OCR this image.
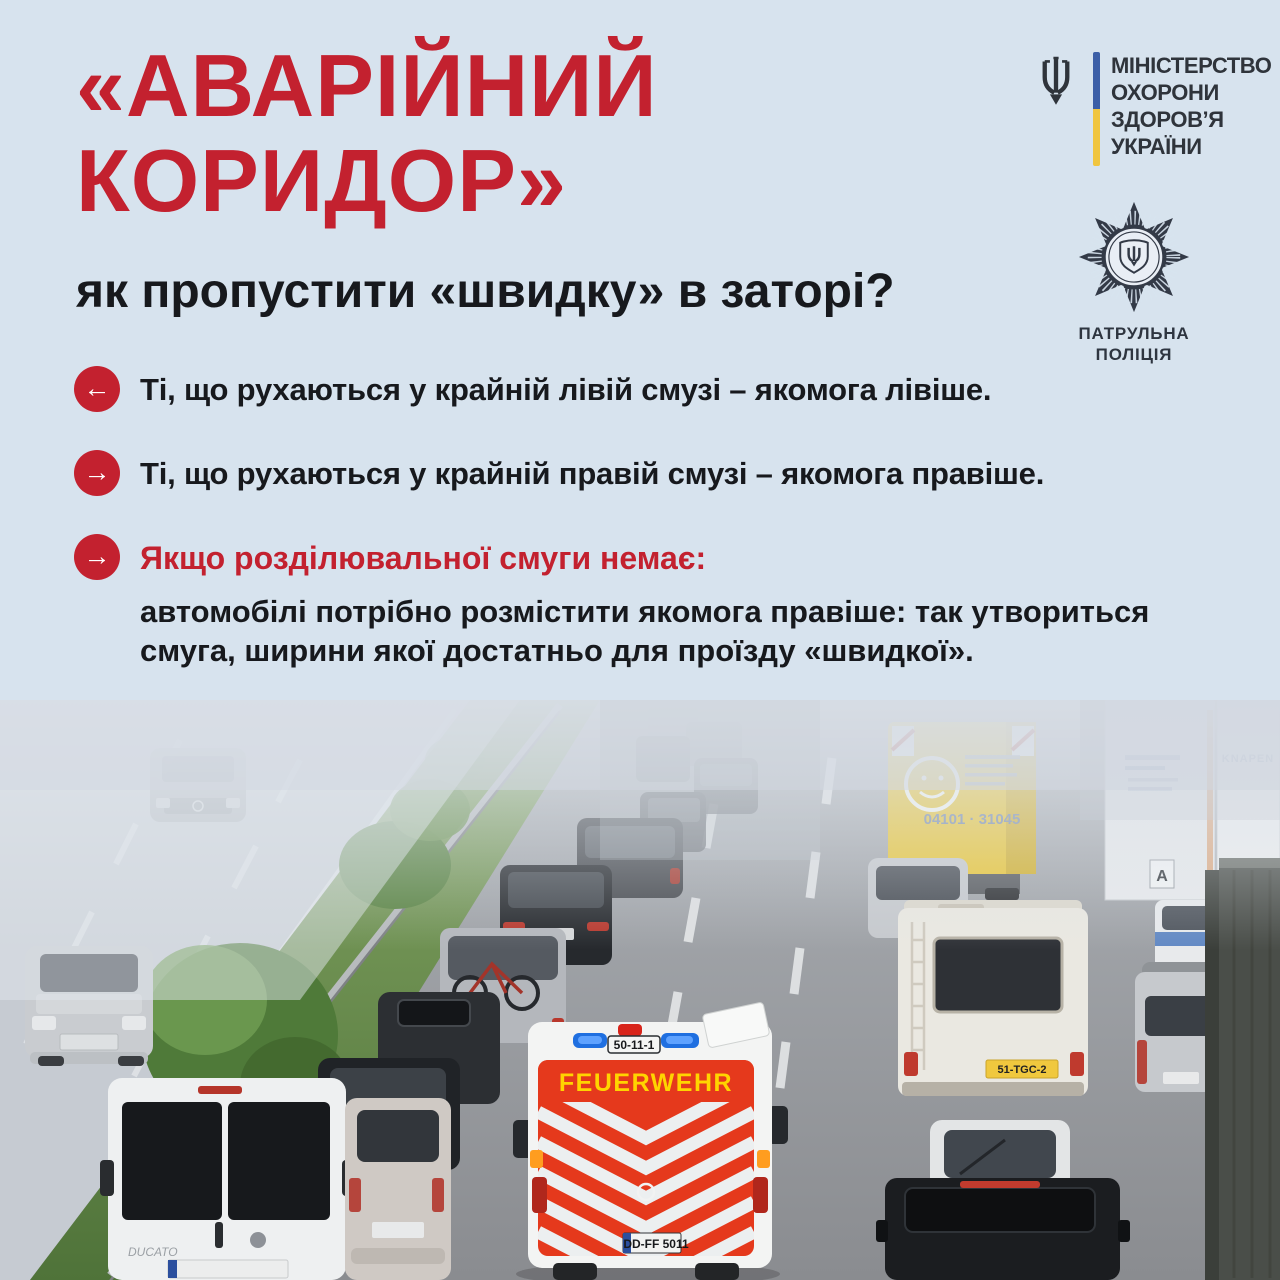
«АВАРІЙНИЙ
КОРИДОР»
як пропустити «швидку» в заторі?
МІНІСТЕРСТВО
ОХОРОНИ
ЗДОРОВ’Я
УКРАЇНИ
ПАТРУЛЬНА
ПОЛІЦІЯ
← Ті, що рухаються у крайній лівій смузі – якомога лівіше.
→ Ті, що рухаються у крайній правій смузі – якомога правіше.
→ Якщо розділювальної смуги немає:
автомобілі потрібно розмістити якомога правіше: так утвориться смуга, ширини якої достатньо для проїзду «швидкої».
DUCATO
51-TGC-2
50-11-1
FEUERWEHR
DD-FF 5011
